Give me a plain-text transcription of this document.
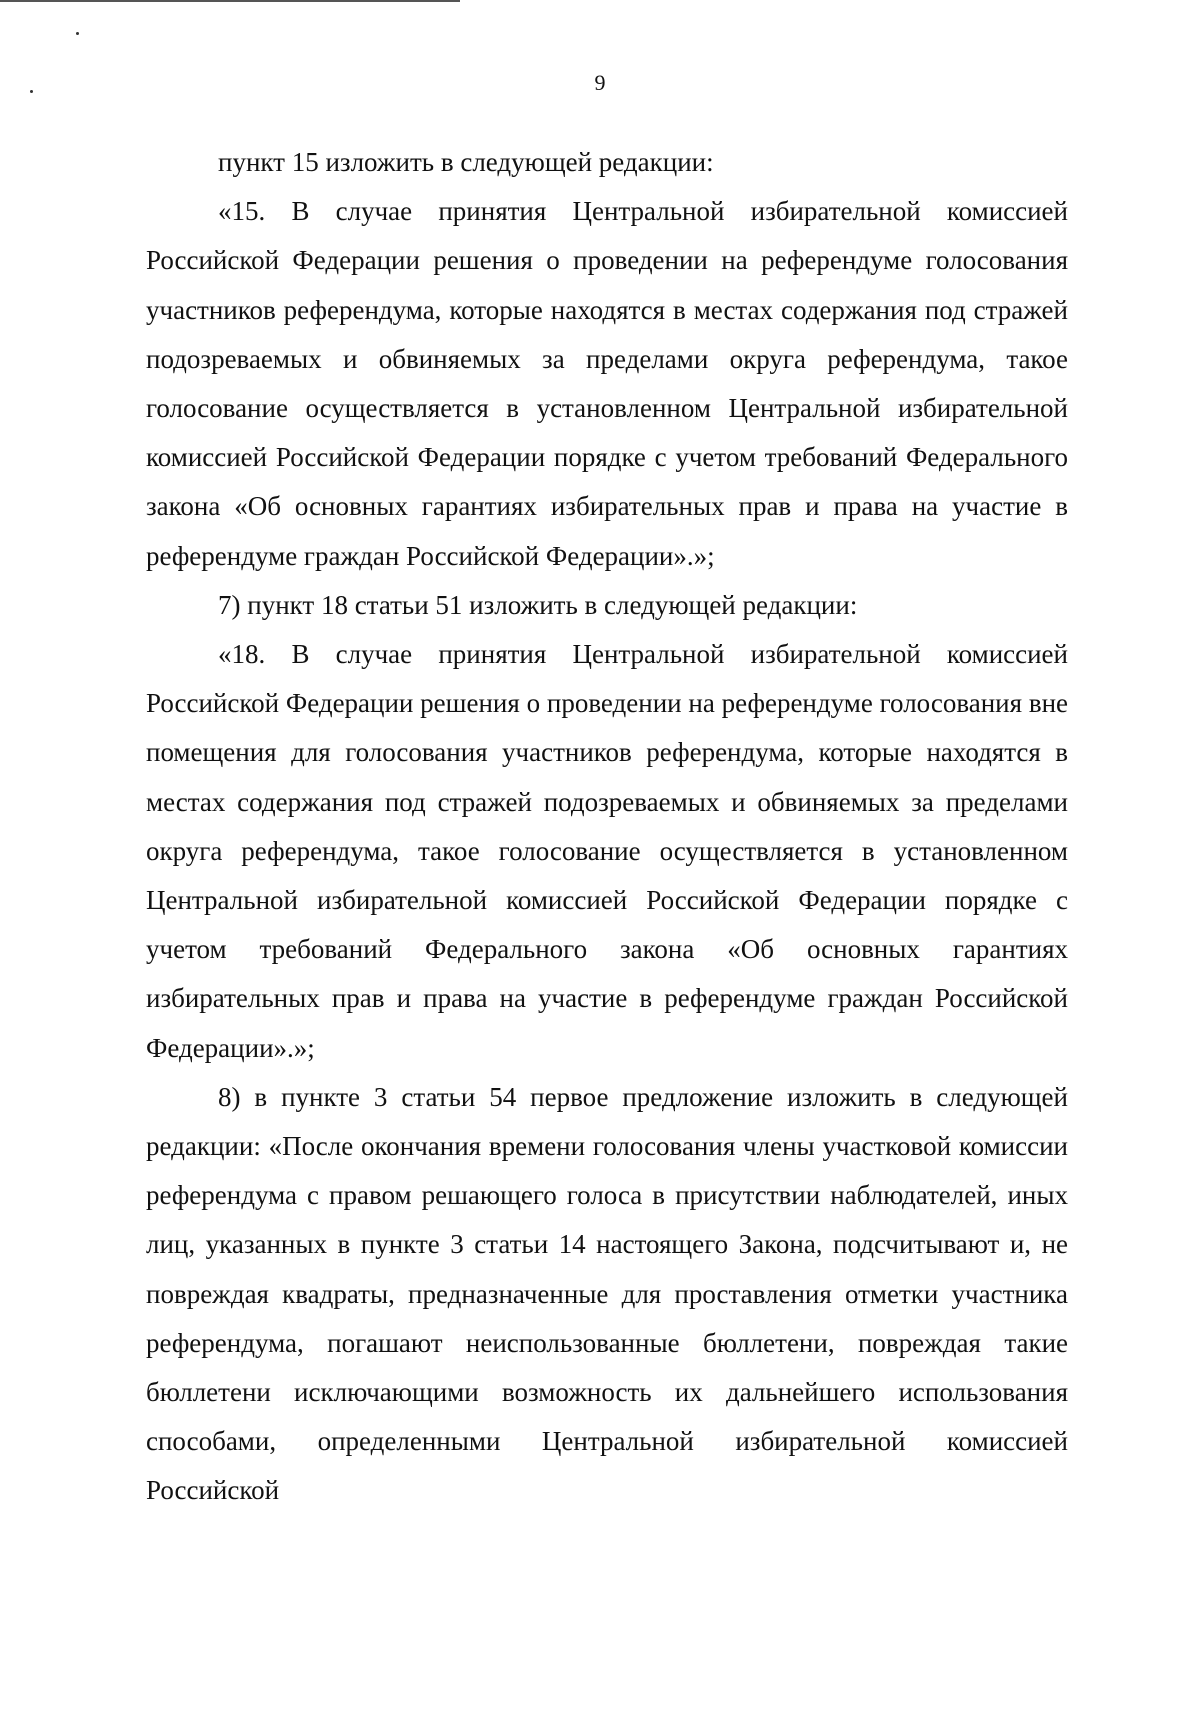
9

пункт 15 изложить в следующей редакции:

«15. В случае принятия Центральной избирательной комиссией Российской Федерации решения о проведении на референдуме голосования участников референдума, которые находятся в местах содержания под стражей подозреваемых и обвиняемых за пределами округа референдума, такое голосование осуществляется в установленном Центральной избирательной комиссией Российской Федерации порядке с учетом требований Федерального закона «Об основных гарантиях избирательных прав и права на участие в референдуме граждан Российской Федерации».»;

7) пункт 18 статьи 51 изложить в следующей редакции:

«18. В случае принятия Центральной избирательной комиссией Российской Федерации решения о проведении на референдуме голосования вне помещения для голосования участников референдума, которые находятся в местах содержания под стражей подозреваемых и обвиняемых за пределами округа референдума, такое голосование осуществляется в установленном Центральной избирательной комиссией Российской Федерации порядке с учетом требований Федерального закона «Об основных гарантиях избирательных прав и права на участие в референдуме граждан Российской Федерации».»;

8) в пункте 3 статьи 54 первое предложение изложить в следующей редакции: «После окончания времени голосования члены участковой комиссии референдума с правом решающего голоса в присутствии наблюдателей, иных лиц, указанных в пункте 3 статьи 14 настоящего Закона, подсчитывают и, не повреждая квадраты, предназначенные для проставления отметки участника референдума, погашают неиспользованные бюллетени, повреждая такие бюллетени исключающими возможность их дальнейшего использования способами, определенными Центральной избирательной комиссией Российской
